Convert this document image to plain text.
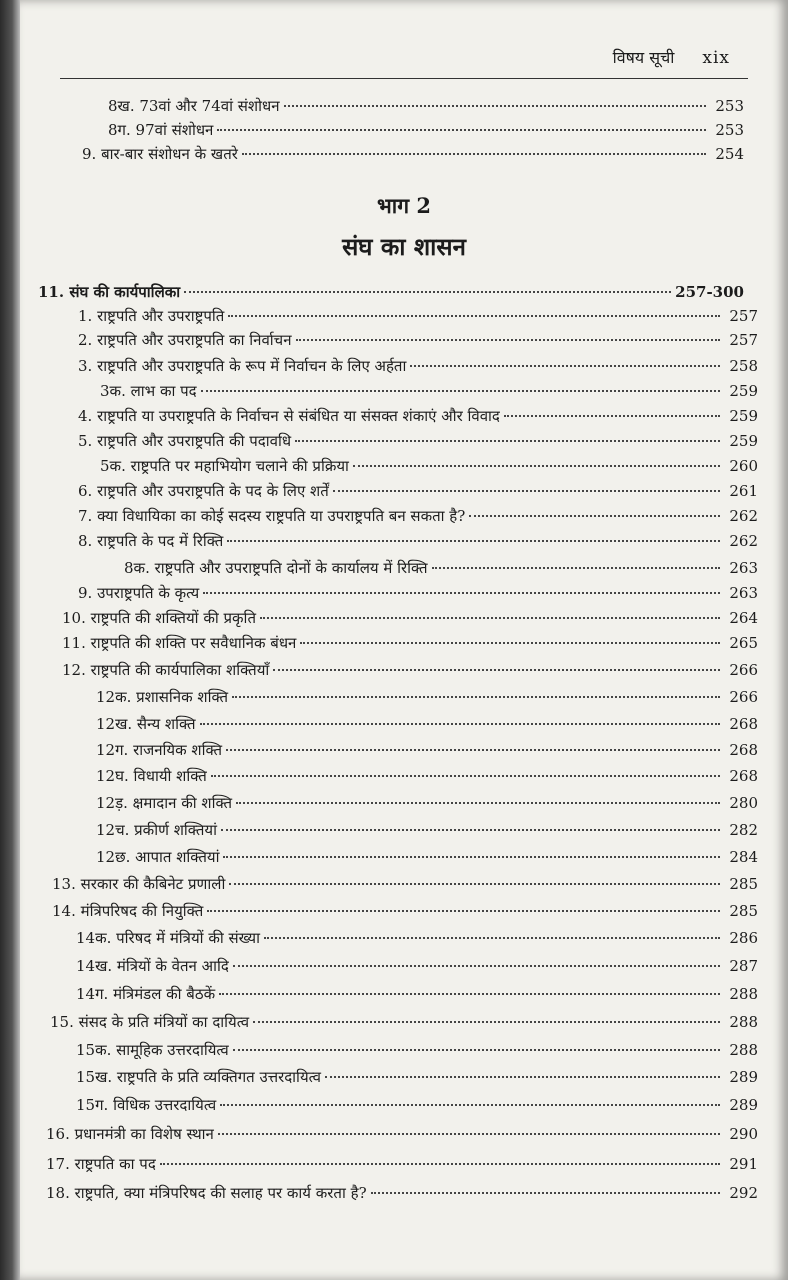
विषय सूची xix
8ख. 73वां और 74वां संशोधन	253
8ग. 97वां संशोधन	253
9. बार-बार संशोधन के खतरे	254
भाग 2
संघ का शासन
11. संघ की कार्यपालिका	257-300
1. राष्ट्रपति और उपराष्ट्रपति	257
2. राष्ट्रपति और उपराष्ट्रपति का निर्वाचन	257
3. राष्ट्रपति और उपराष्ट्रपति के रूप में निर्वाचन के लिए अर्हता	258
3क. लाभ का पद	259
4. राष्ट्रपति या उपराष्ट्रपति के निर्वाचन से संबंधित या संसक्त शंकाएं और विवाद	259
5. राष्ट्रपति और उपराष्ट्रपति की पदावधि	259
5क. राष्ट्रपति पर महाभियोग चलाने की प्रक्रिया	260
6. राष्ट्रपति और उपराष्ट्रपति के पद के लिए शर्तें	261
7. क्या विधायिका का कोई सदस्य राष्ट्रपति या उपराष्ट्रपति बन सकता है?	262
8. राष्ट्रपति के पद में रिक्ति	262
8क. राष्ट्रपति और उपराष्ट्रपति दोनों के कार्यालय में रिक्ति	263
9. उपराष्ट्रपति के कृत्य	263
10. राष्ट्रपति की शक्तियों की प्रकृति	264
11. राष्ट्रपति की शक्ति पर सवैधानिक बंधन	265
12. राष्ट्रपति की कार्यपालिका शक्तियाँ	266
12क. प्रशासनिक शक्ति	266
12ख. सैन्य शक्ति	268
12ग. राजनयिक शक्ति	268
12घ. विधायी शक्ति	268
12ड़. क्षमादान की शक्ति	280
12च. प्रकीर्ण शक्तियां	282
12छ. आपात शक्तियां	284
13. सरकार की कैबिनेट प्रणाली	285
14. मंत्रिपरिषद की नियुक्ति	285
14क. परिषद में मंत्रियों की संख्या	286
14ख. मंत्रियों के वेतन आदि	287
14ग. मंत्रिमंडल की बैठकें	288
15. संसद के प्रति मंत्रियों का दायित्व	288
15क. सामूहिक उत्तरदायित्व	288
15ख. राष्ट्रपति के प्रति व्यक्तिगत उत्तरदायित्व	289
15ग. विधिक उत्तरदायित्व	289
16. प्रधानमंत्री का विशेष स्थान	290
17. राष्ट्रपति का पद	291
18. राष्ट्रपति, क्या मंत्रिपरिषद की सलाह पर कार्य करता है?	292
